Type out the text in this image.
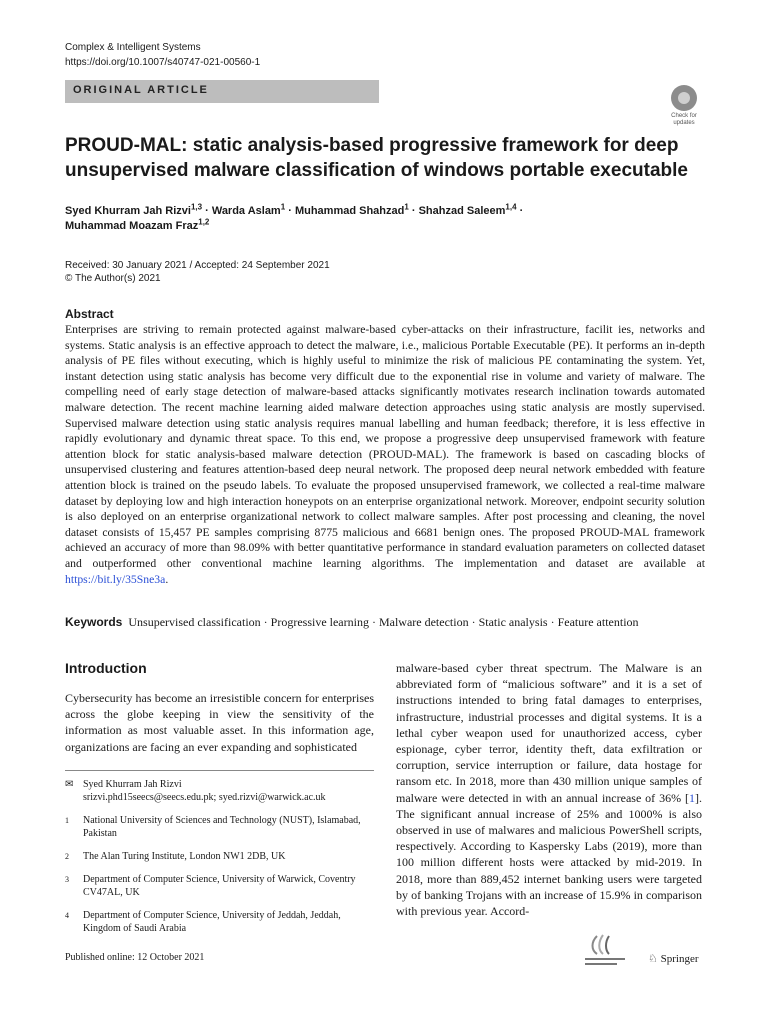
Complex & Intelligent Systems
https://doi.org/10.1007/s40747-021-00560-1
ORIGINAL ARTICLE
Check for updates
PROUD-MAL: static analysis-based progressive framework for deep unsupervised malware classification of windows portable executable
Syed Khurram Jah Rizvi$^{1,3}$ · Warda Aslam$^1$ · Muhammad Shahzad$^1$ · Shahzad Saleem$^{1,4}$ ·
Muhammad Moazam Fraz$^{1,2}$
Received: 30 January 2021 / Accepted: 24 September 2021
© The Author(s) 2021
Abstract
Enterprises are striving to remain protected against malware-based cyber-attacks on their infrastructure, facilit ies, networks and systems. Static analysis is an effective approach to detect the malware, i.e., malicious Portable Executable (PE). It performs an in-depth analysis of PE files without executing, which is highly useful to minimize the risk of malicious PE contaminating the system. Yet, instant detection using static analysis has become very difficult due to the exponential rise in volume and variety of malware. The compelling need of early stage detection of malware-based attacks significantly motivates research inclination towards automated malware detection. The recent machine learning aided malware detection approaches using static analysis are mostly supervised. Supervised malware detection using static analysis requires manual labelling and human feedback; therefore, it is less effective in rapidly evolutionary and dynamic threat space. To this end, we propose a progressive deep unsupervised framework with feature attention block for static analysis-based malware detection (PROUD-MAL). The framework is based on cascading blocks of unsupervised clustering and features attention-based deep neural network. The proposed deep neural network embedded with feature attention block is trained on the pseudo labels. To evaluate the proposed unsupervised framework, we collected a real-time malware dataset by deploying low and high interaction honeypots on an enterprise organizational network. Moreover, endpoint security solution is also deployed on an enterprise organizational network to collect malware samples. After post processing and cleaning, the novel dataset consists of 15,457 PE samples comprising 8775 malicious and 6681 benign ones. The proposed PROUD-MAL framework achieved an accuracy of more than 98.09% with better quantitative performance in standard evaluation parameters on collected dataset and outperformed other conventional machine learning algorithms. The implementation and dataset are available at https://bit.ly/35Sne3a.
Keywords Unsupervised classification · Progressive learning · Malware detection · Static analysis · Feature attention
Introduction
Cybersecurity has become an irresistible concern for enterprises across the globe keeping in view the sensitivity of the information as most valuable asset. In this information age, organizations are facing an ever expanding and sophisticated
malware-based cyber threat spectrum. The Malware is an abbreviated form of “malicious software” and it is a set of instructions intended to bring fatal damages to enterprises, infrastructure, industrial processes and digital systems. It is a lethal cyber weapon used for unauthorized access, cyber espionage, cyber terror, identity theft, data exfiltration or corruption, service interruption or failure, data hostage for ransom etc. In 2018, more than 430 million unique samples of malware were detected in with an annual increase of 36% [1]. The significant annual increase of 25% and 1000% is also observed in use of malwares and malicious PowerShell scripts, respectively. According to Kaspersky Labs (2019), more than 100 million different hosts were attacked by mid-2019. In 2018, more than 889,452 internet banking users were targeted by of banking Trojans with an increase of 15.9% in comparison with previous year. Accord-
✉ Syed Khurram Jah Rizvi
srizvi.phd15seecs@seecs.edu.pk; syed.rizvi@warwick.ac.uk
1	National University of Sciences and Technology (NUST), Islamabad, Pakistan
2	The Alan Turing Institute, London NW1 2DB, UK
3	Department of Computer Science, University of Warwick, Coventry CV47AL, UK
4	Department of Computer Science, University of Jeddah, Jeddah, Kingdom of Saudi Arabia
Published online: 12 October 2021	♘ Springer
